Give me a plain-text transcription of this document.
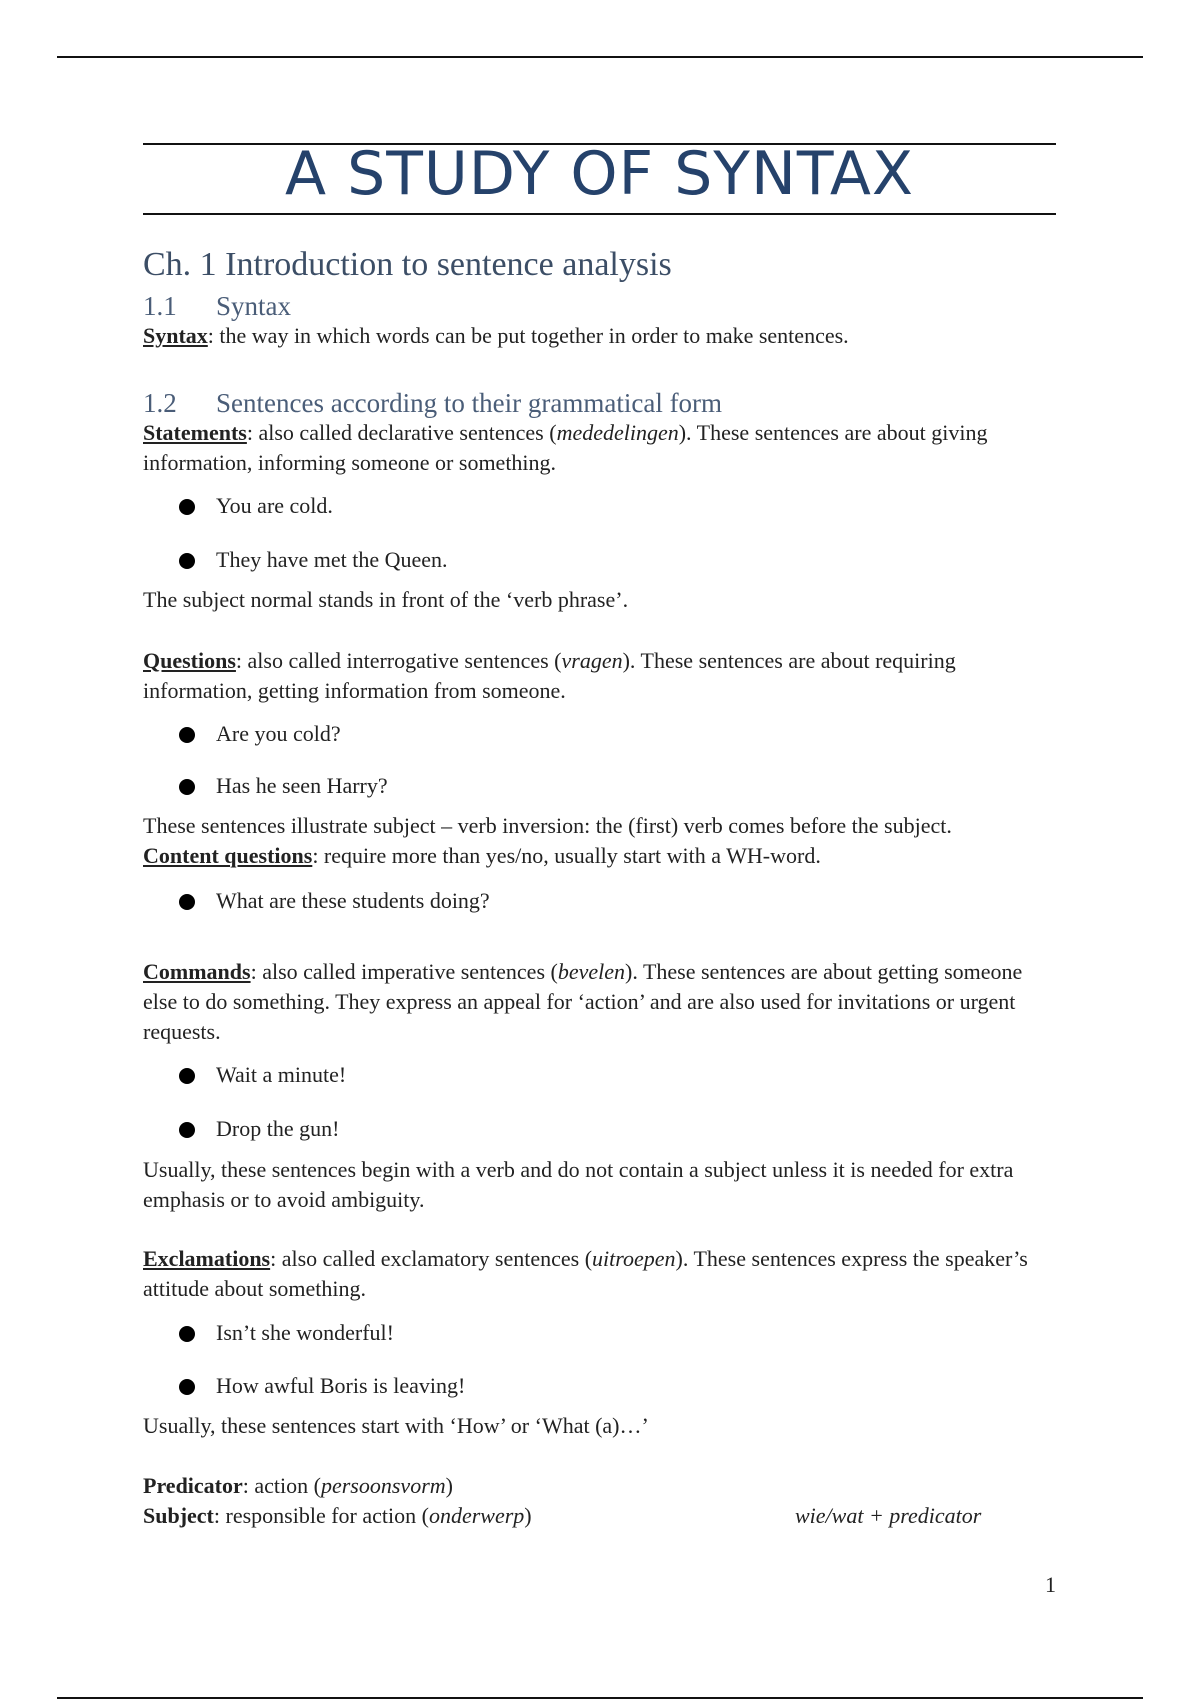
A STUDY OF SYNTAX
Ch. 1 Introduction to sentence analysis
1.1 Syntax
Syntax: the way in which words can be put together in order to make sentences.
1.2 Sentences according to their grammatical form
Statements: also called declarative sentences (mededelingen). These sentences are about giving information, informing someone or something.
You are cold.
They have met the Queen.
The subject normal stands in front of the ‘verb phrase’.
Questions: also called interrogative sentences (vragen). These sentences are about requiring information, getting information from someone.
Are you cold?
Has he seen Harry?
These sentences illustrate subject – verb inversion: the (first) verb comes before the subject.
Content questions: require more than yes/no, usually start with a WH-word.
What are these students doing?
Commands: also called imperative sentences (bevelen). These sentences are about getting someone else to do something. They express an appeal for ‘action’ and are also used for invitations or urgent requests.
Wait a minute!
Drop the gun!
Usually, these sentences begin with a verb and do not contain a subject unless it is needed for extra emphasis or to avoid ambiguity.
Exclamations: also called exclamatory sentences (uitroepen). These sentences express the speaker’s attitude about something.
Isn’t she wonderful!
How awful Boris is leaving!
Usually, these sentences start with ‘How’ or ‘What (a)…’
Predicator: action (persoonsvorm)
Subject: responsible for action (onderwerp)	wie/wat + predicator
1
